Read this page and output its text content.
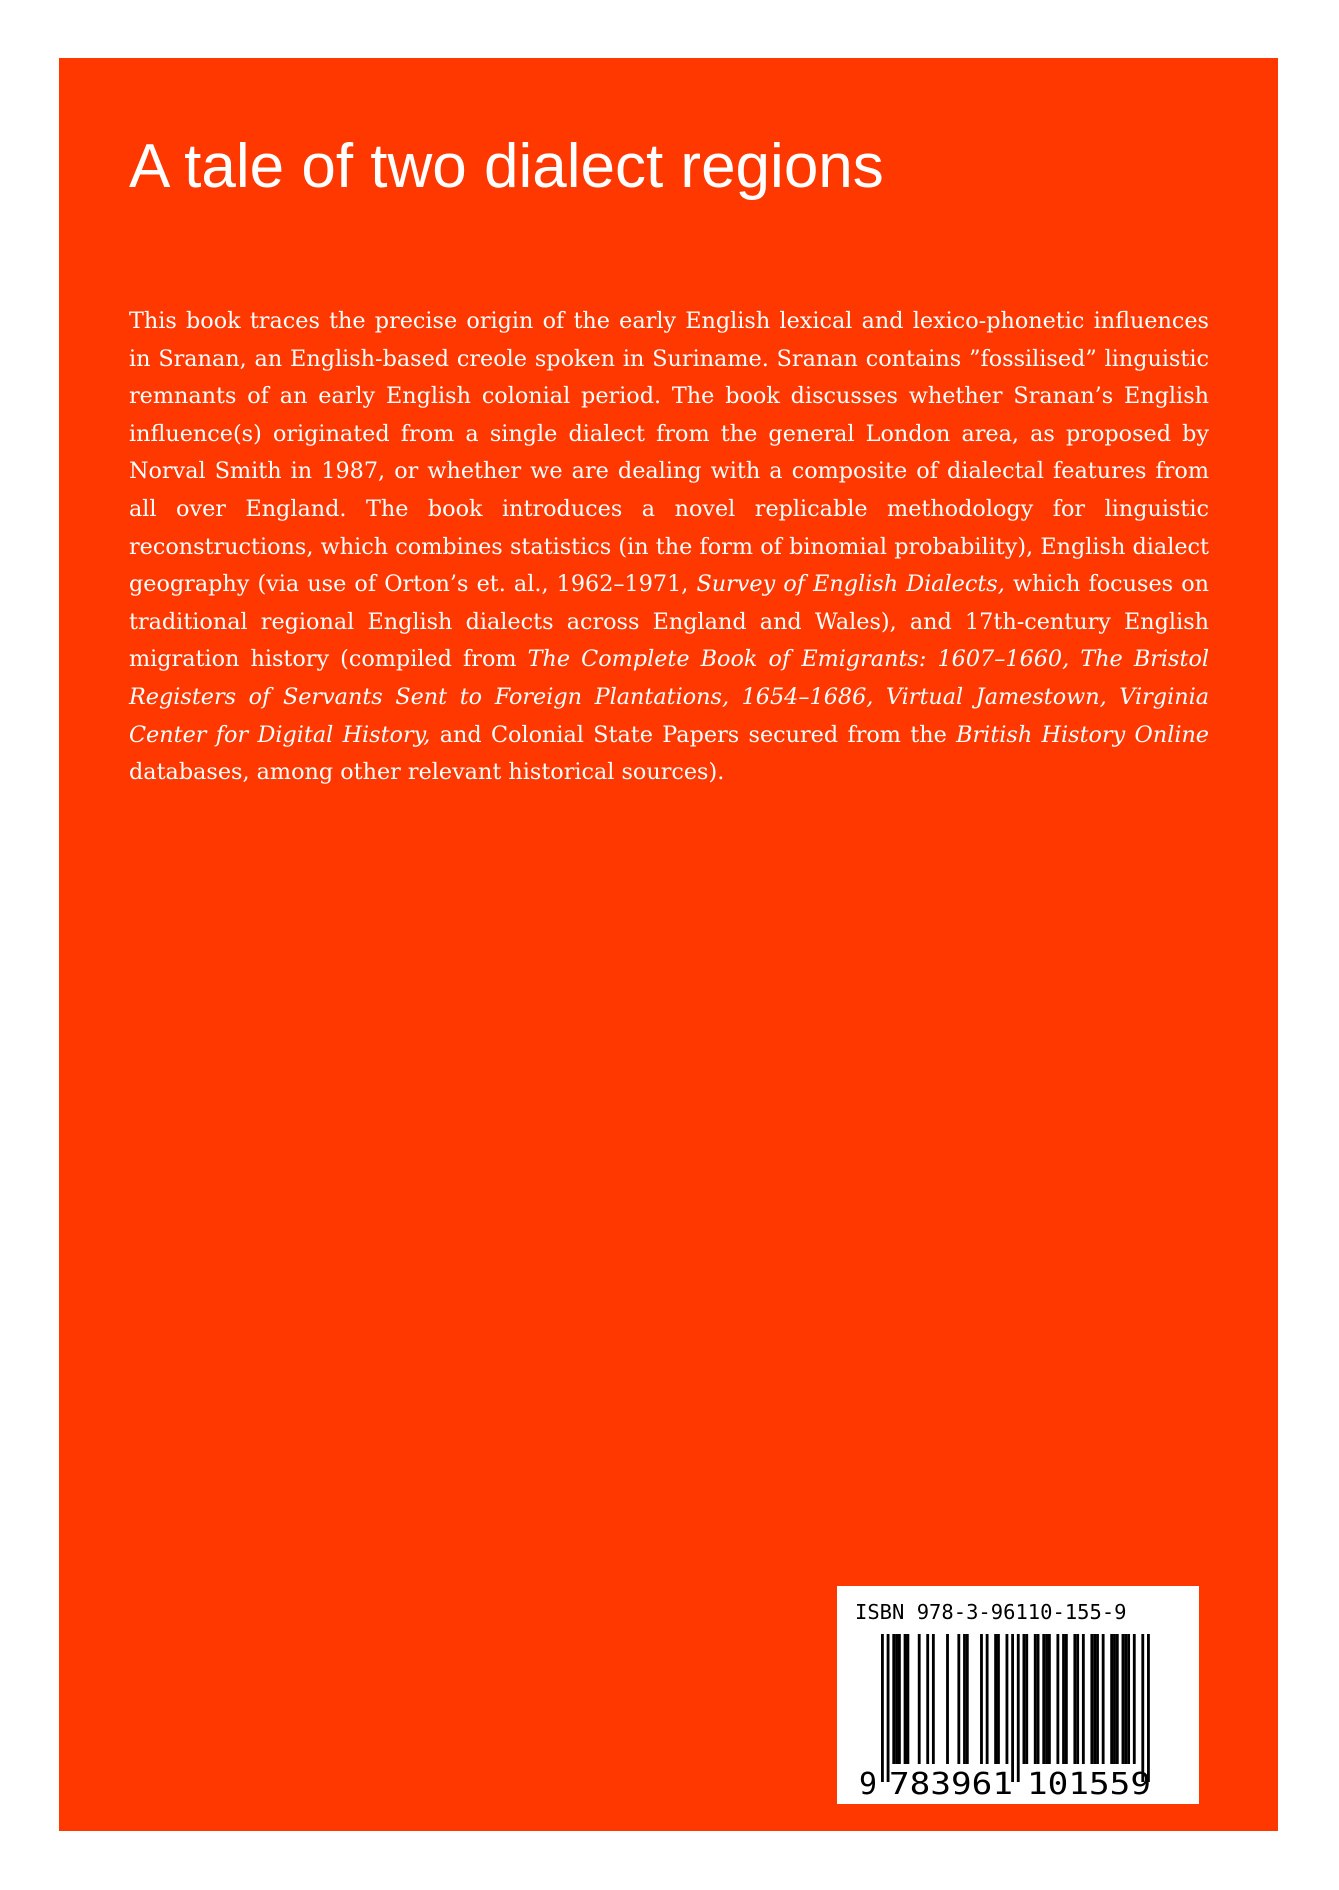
A tale of two dialect regions

This book traces the precise origin of the early English lexical and lexico-phonetic influences in Sranan, an English-based creole spoken in Suriname. Sranan contains ”fossilised” linguistic remnants of an early English colonial period. The book discusses whether Sranan’s English influence(s) originated from a single dialect from the general London area, as proposed by Norval Smith in 1987, or whether we are dealing with a composite of dialectal features from all over England. The book introduces a novel replicable methodology for linguistic reconstructions, which combines statistics (in the form of binomial probability), English dialect geography (via use of Orton’s et. al., 1962–1971, Survey of English Dialects, which focuses on traditional regional English dialects across England and Wales), and 17th-century English migration history (compiled from The Complete Book of Emigrants: 1607–1660, The Bristol Registers of Servants Sent to Foreign Plantations, 1654–1686, Virtual Jamestown, Virginia Center for Digital History, and Colonial State Papers secured from the British History Online databases, among other relevant historical sources).

ISBN 978-3-96110-155-9
9 783961 101559
